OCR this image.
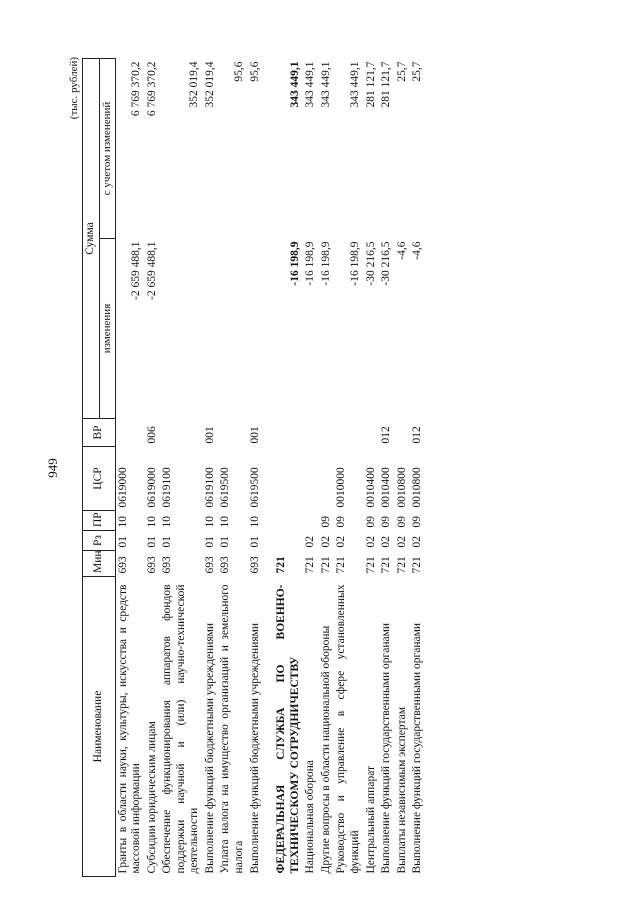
949
(тыс. рублей)
Наименование	Мин	Рз	ПР	ЦСР	ВР	Сумма	
						изменения	с учетом изменений
Гранты в области науки, культуры, искусства и средств массовой информации	693	01	10	0619000		-2 659 488,1	6 769 370,2
Субсидии юридическим лицам	693	01	10	0619000	006	-2 659 488,1	6 769 370,2
Обеспечение функционирования аппаратов фондов поддержки научной и (или) научно-технической деятельности	693	01	10	0619100			352 019,4
Выполнение функций бюджетными учреждениями	693	01	10	0619100	001		352 019,4
Уплата налога на имущество организаций и земельного налога	693	01	10	0619500			95,6
Выполнение функций бюджетными учреждениями	693	01	10	0619500	001		95,6
ФЕДЕРАЛЬНАЯ СЛУЖБА ПО ВОЕННО-ТЕХНИЧЕСКОМУ СОТРУДНИЧЕСТВУ	721					-16 198,9	343 449,1
Национальная оборона	721	02				-16 198,9	343 449,1
Другие вопросы в области национальной обороны	721	02	09			-16 198,9	343 449,1
Руководство и управление в сфере установленных функций	721	02	09	0010000		-16 198,9	343 449,1
Центральный аппарат	721	02	09	0010400		-30 216,5	281 121,7
Выполнение функций государственными органами	721	02	09	0010400	012	-30 216,5	281 121,7
Выплаты независимым экспертам	721	02	09	0010800		-4,6	25,7
Выполнение функций государственными органами	721	02	09	0010800	012	-4,6	25,7
